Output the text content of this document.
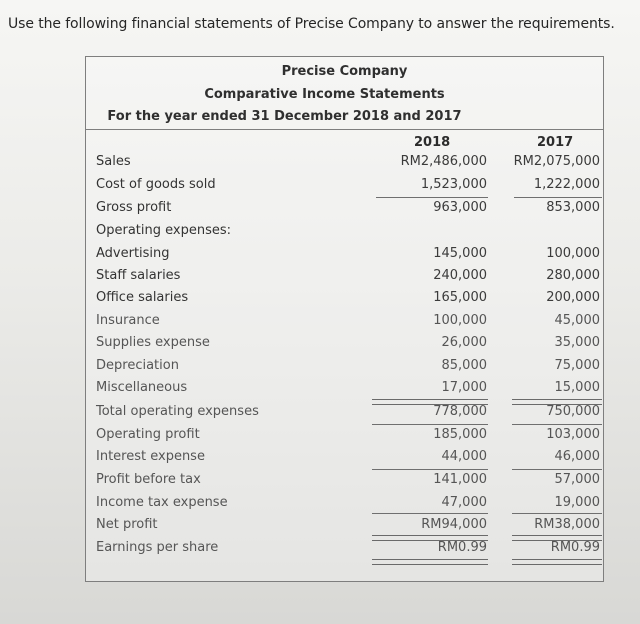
Use the following financial statements of Precise Company to answer the requirements.
Precise Company
Comparative Income Statements
For the year ended 31 December 2018 and 2017
2018	2017
Sales	RM2,486,000 RM2,075,000
Cost of goods sold	1,523,000	1,222,000
Gross profit	963,000	853,000
Operating expenses:
Advertising	145,000	100,000
Staff salaries	240,000	280,000
Office salaries	165,000	200,000
Insurance	100,000	45,000
Supplies expense	26,000	35,000
Depreciation	85,000	75,000
Miscellaneous	17,000	15,000
Total operating expenses	778,000	750,000
Operating profit	185,000	103,000
Interest expense	44,000	46,000
Profit before tax	141,000	57,000
Income tax expense	47,000	19,000
Net profit	RM94,000	RM38,000
Earnings per share	RM0.99	RM0.99
